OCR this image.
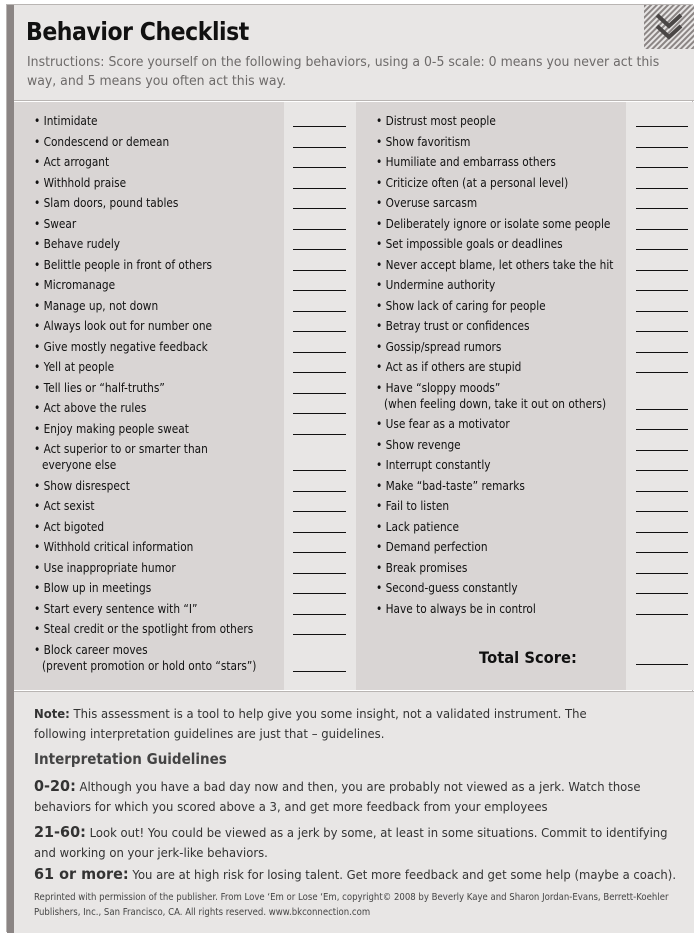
Behavior Checklist
Instructions: Score yourself on the following behaviors, using a 0-5 scale: 0 means you never act this way, and 5 means you often act this way.
• Intimidate
• Condescend or demean
• Act arrogant
• Withhold praise
• Slam doors, pound tables
• Swear
• Behave rudely
• Belittle people in front of others
• Micromanage
• Manage up, not down
• Always look out for number one
• Give mostly negative feedback
• Yell at people
• Tell lies or “half-truths”
• Act above the rules
• Enjoy making people sweat
• Act superior to or smarter than
everyone else
• Show disrespect
• Act sexist
• Act bigoted
• Withhold critical information
• Use inappropriate humor
• Blow up in meetings
• Start every sentence with “I”
• Steal credit or the spotlight from others
• Block career moves
(prevent promotion or hold onto “stars”)
• Distrust most people
• Show favoritism
• Humiliate and embarrass others
• Criticize often (at a personal level)
• Overuse sarcasm
• Deliberately ignore or isolate some people
• Set impossible goals or deadlines
• Never accept blame, let others take the hit
• Undermine authority
• Show lack of caring for people
• Betray trust or confidences
• Gossip/spread rumors
• Act as if others are stupid
• Have “sloppy moods”
(when feeling down, take it out on others)
• Use fear as a motivator
• Show revenge
• Interrupt constantly
• Make “bad-taste” remarks
• Fail to listen
• Lack patience
• Demand perfection
• Break promises
• Second-guess constantly
• Have to always be in control
Total Score:
Note: This assessment is a tool to help give you some insight, not a validated instrument. The following interpretation guidelines are just that – guidelines.
Interpretation Guidelines
0-20: Although you have a bad day now and then, you are probably not viewed as a jerk. Watch those behaviors for which you scored above a 3, and get more feedback from your employees
21-60: Look out! You could be viewed as a jerk by some, at least in some situations. Commit to identifying and working on your jerk-like behaviors.
61 or more: You are at high risk for losing talent. Get more feedback and get some help (maybe a coach).
Reprinted with permission of the publisher. From Love ‘Em or Lose ‘Em, copyright© 2008 by Beverly Kaye and Sharon Jordan-Evans, Berrett-Koehler Publishers, Inc., San Francisco, CA. All rights reserved. www.bkconnection.com
